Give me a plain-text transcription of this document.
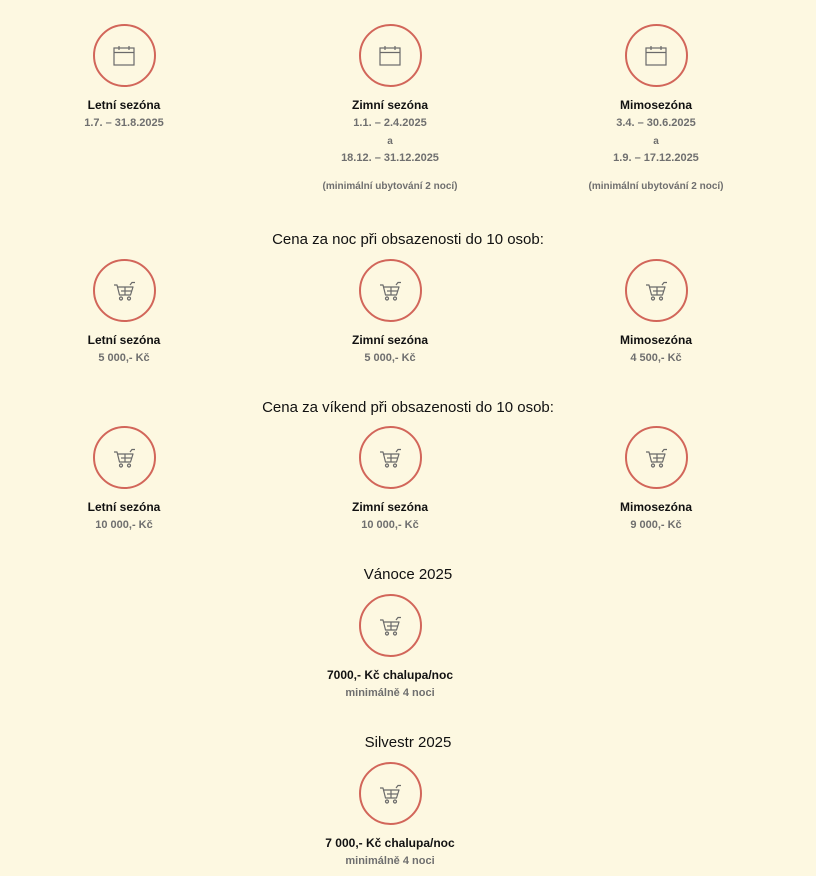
Letní sezóna
1.7. – 31.8.2025
Zimní sezóna
1.1. – 2.4.2025
a
18.12. – 31.12.2025
(minimální ubytování 2 nocí)
Mimosezóna
3.4. – 30.6.2025
a
1.9. – 17.12.2025
(minimální ubytování 2 nocí)
Cena za noc při obsazenosti do 10 osob:
Letní sezóna
5 000,- Kč
Zimní sezóna
5 000,- Kč
Mimosezóna
4 500,- Kč
Cena za víkend při obsazenosti do 10 osob:
Letní sezóna
10 000,- Kč
Zimní sezóna
10 000,- Kč
Mimosezóna
9 000,- Kč
Vánoce 2025
7000,- Kč chalupa/noc
minimálně 4 noci
Silvestr 2025
7 000,- Kč chalupa/noc
minimálně 4 noci
